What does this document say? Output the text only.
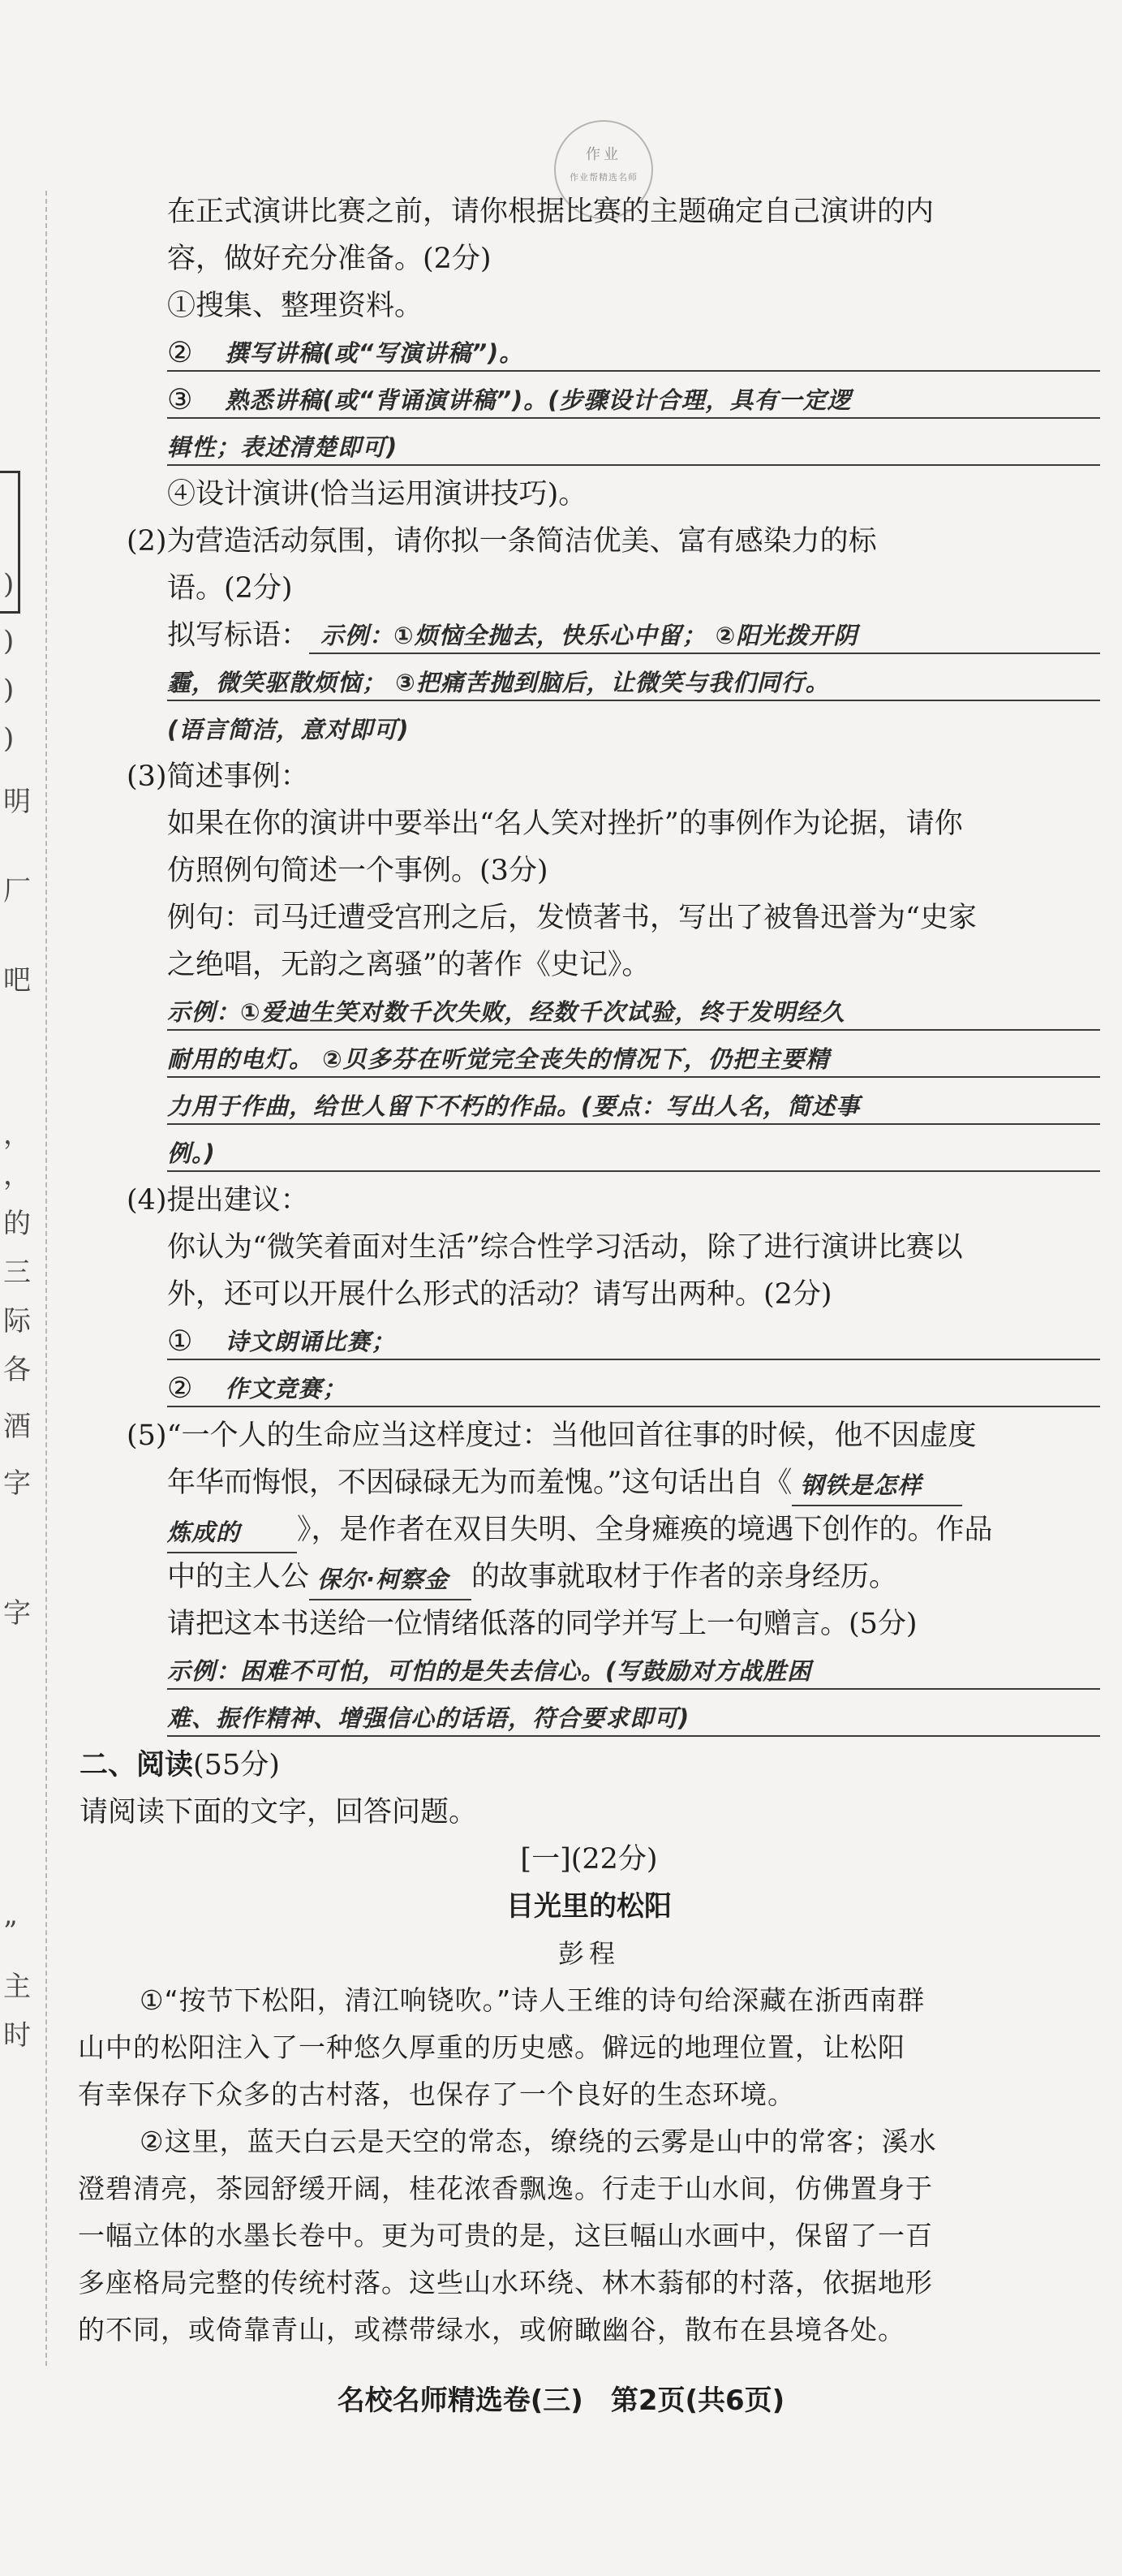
)
)
)
)
明
厂
吧
，
，
的
三
际
各
酒
字
字
”
主
时
作业
作业帮精选名师
在正式演讲比赛之前，请你根据比赛的主题确定自己演讲的内
容，做好充分准备。(2分)
①搜集、整理资料。
② 撰写讲稿(或“写演讲稿”)。
③ 熟悉讲稿(或“背诵演讲稿”)。(步骤设计合理，具有一定逻
辑性；表述清楚即可)
④设计演讲(恰当运用演讲技巧)。
(2)为营造活动氛围，请你拟一条简洁优美、富有感染力的标
语。(2分)
拟写标语： 示例：①烦恼全抛去，快乐心中留； ②阳光拨开阴
霾，微笑驱散烦恼； ③把痛苦抛到脑后，让微笑与我们同行。
(语言简洁，意对即可)
(3)简述事例：
如果在你的演讲中要举出“名人笑对挫折”的事例作为论据，请你
仿照例句简述一个事例。(3分)
例句：司马迁遭受宫刑之后，发愤著书，写出了被鲁迅誉为“史家
之绝唱，无韵之离骚”的著作《史记》。
示例：①爱迪生笑对数千次失败，经数千次试验，终于发明经久
耐用的电灯。 ②贝多芬在听觉完全丧失的情况下，仍把主要精
力用于作曲，给世人留下不朽的作品。(要点：写出人名，简述事
例。)
(4)提出建议：
你认为“微笑着面对生活”综合性学习活动，除了进行演讲比赛以
外，还可以开展什么形式的活动？请写出两种。(2分)
① 诗文朗诵比赛；
② 作文竞赛；
(5)“一个人的生命应当这样度过：当他回首往事的时候，他不因虚度
年华而悔恨，不因碌碌无为而羞愧。”这句话出自《 钢铁是怎样
炼成的	》，是作者在双目失明、全身瘫痪的境遇下创作的。作品
中的主人公 保尔·柯察金 的故事就取材于作者的亲身经历。
请把这本书送给一位情绪低落的同学并写上一句赠言。(5分)
示例：困难不可怕，可怕的是失去信心。(写鼓励对方战胜困
难、振作精神、增强信心的话语，符合要求即可)
二、阅读 (55分)
请阅读下面的文字，回答问题。
[一](22分)
目光里的松阳
彭程
①“按节下松阳，清江响铙吹。”诗人王维的诗句给深藏在浙西南群
山中的松阳注入了一种悠久厚重的历史感。僻远的地理位置，让松阳
有幸保存下众多的古村落，也保存了一个良好的生态环境。
②这里，蓝天白云是天空的常态，缭绕的云雾是山中的常客；溪水
澄碧清亮，茶园舒缓开阔，桂花浓香飘逸。行走于山水间，仿佛置身于
一幅立体的水墨长卷中。更为可贵的是，这巨幅山水画中，保留了一百
多座格局完整的传统村落。这些山水环绕、林木蓊郁的村落，依据地形
的不同，或倚靠青山，或襟带绿水，或俯瞰幽谷，散布在县境各处。
名校名师精选卷(三)　第2页(共6页)
